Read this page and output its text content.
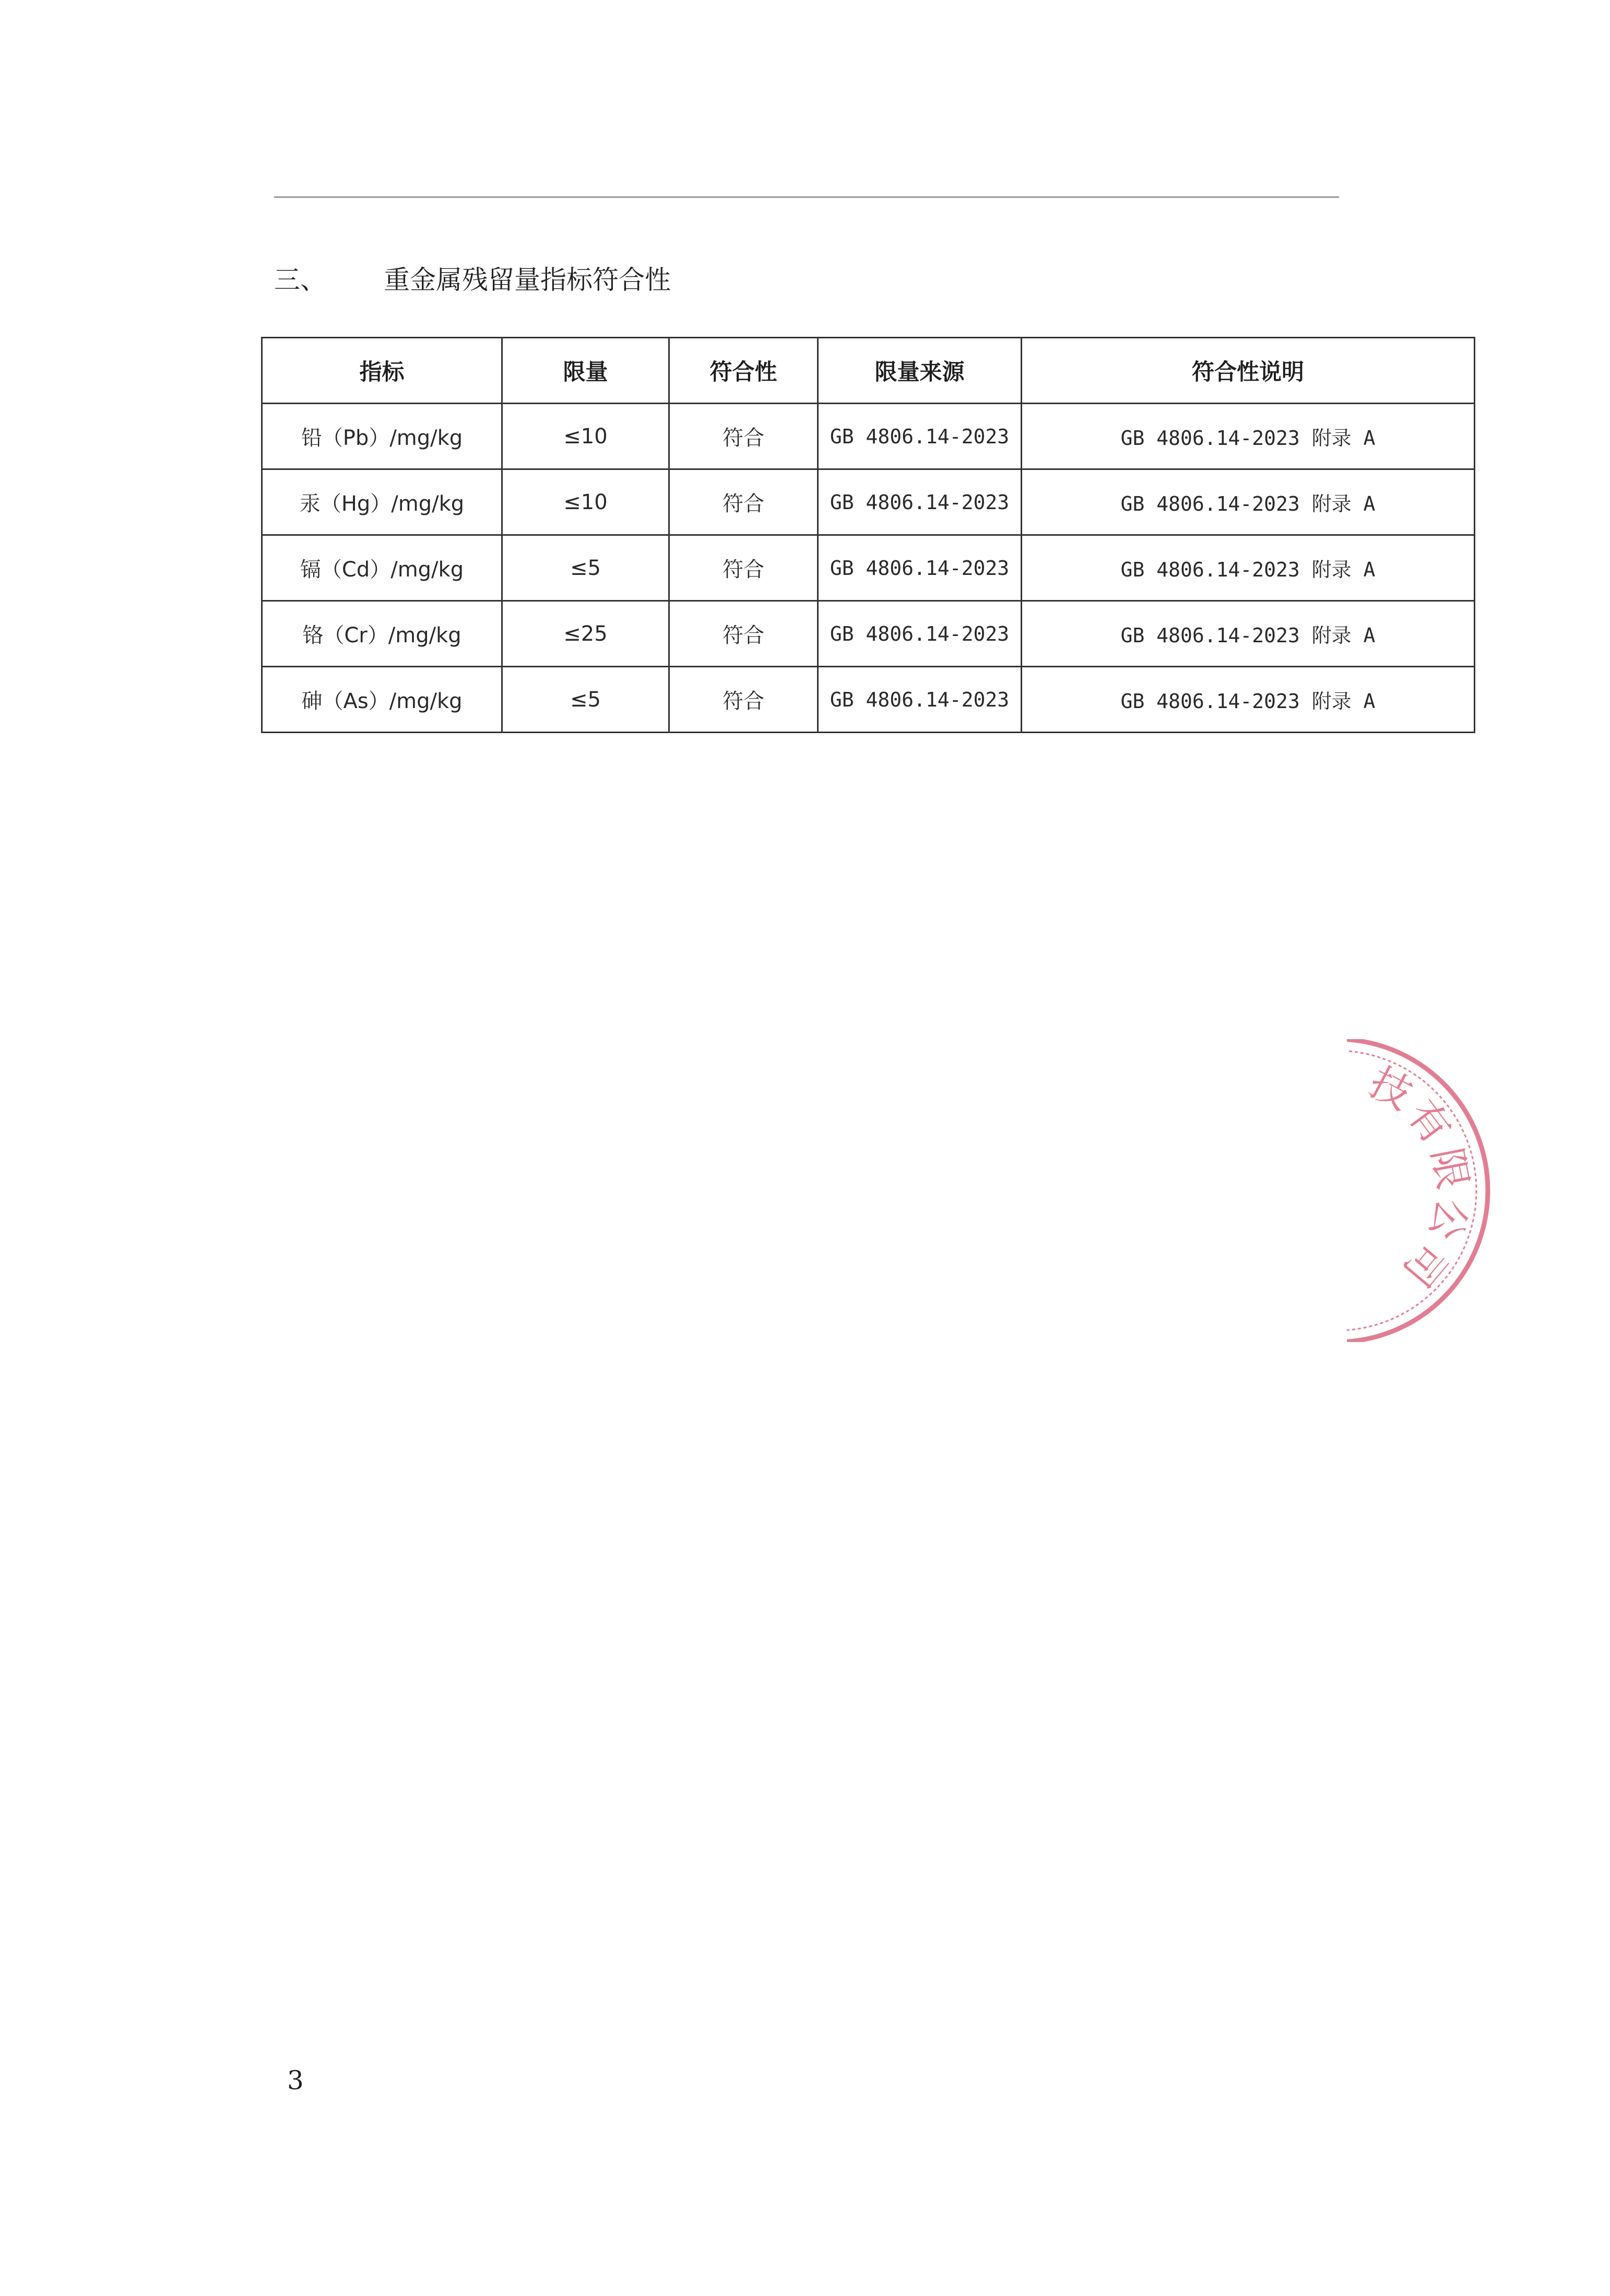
三、	重金属残留量指标符合性
指标	限量	符合性	限量来源	符合性说明
铅（Pb）/mg/kg	≤10	符合	GB 4806.14-2023	GB 4806.14-2023 附录 A
汞（Hg）/mg/kg	≤10	符合	GB 4806.14-2023	GB 4806.14-2023 附录 A
镉（Cd）/mg/kg	≤5	符合	GB 4806.14-2023	GB 4806.14-2023 附录 A
铬（Cr）/mg/kg	≤25	符合	GB 4806.14-2023	GB 4806.14-2023 附录 A
砷（As）/mg/kg	≤5	符合	GB 4806.14-2023	GB 4806.14-2023 附录 A
技
有
限
公
司
3
